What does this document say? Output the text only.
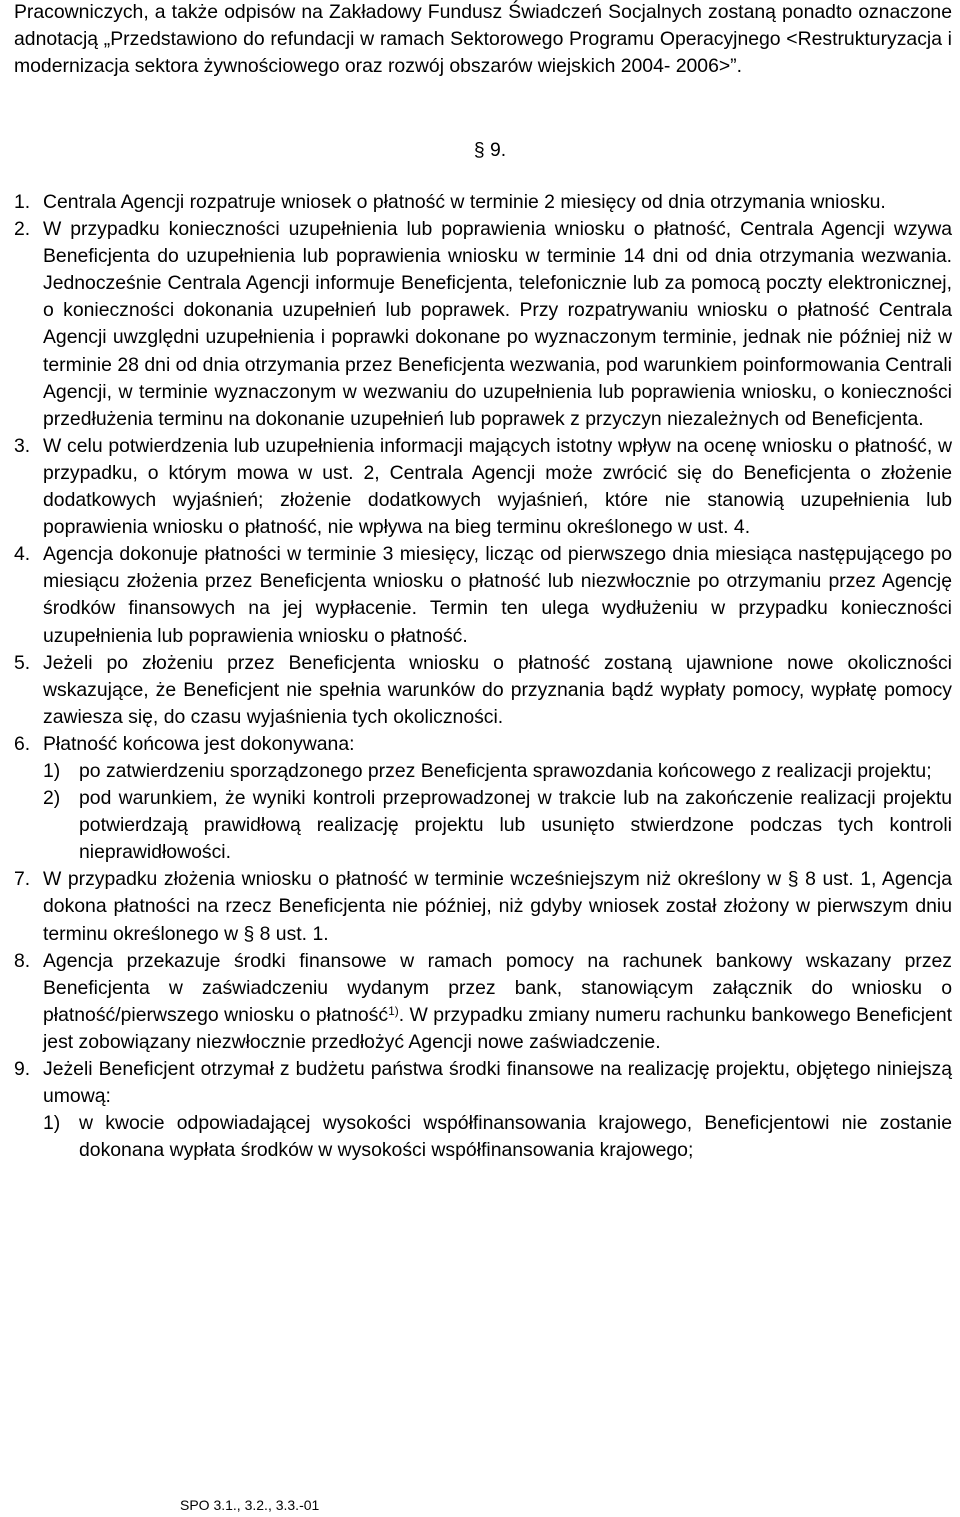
Pracowniczych, a także odpisów na Zakładowy Fundusz Świadczeń Socjalnych zostaną ponadto oznaczone adnotacją „Przedstawiono do refundacji w ramach Sektorowego Programu Operacyjnego <Restrukturyzacja i modernizacja sektora żywnościowego oraz rozwój obszarów wiejskich 2004- 2006>”.
§ 9.
1. Centrala Agencji rozpatruje wniosek o płatność w terminie 2 miesięcy od dnia otrzymania wniosku.
2. W przypadku konieczności uzupełnienia lub poprawienia wniosku o płatność, Centrala Agencji wzywa Beneficjenta do uzupełnienia lub poprawienia wniosku w terminie 14 dni od dnia otrzymania wezwania. Jednocześnie Centrala Agencji informuje Beneficjenta, telefonicznie lub za pomocą poczty elektronicznej, o konieczności dokonania uzupełnień lub poprawek. Przy rozpatrywaniu wniosku o płatność Centrala Agencji uwzględni uzupełnienia i poprawki dokonane po wyznaczonym terminie, jednak nie później niż w terminie 28 dni od dnia otrzymania przez Beneficjenta wezwania, pod warunkiem poinformowania Centrali Agencji, w terminie wyznaczonym w wezwaniu do uzupełnienia lub poprawienia wniosku, o konieczności przedłużenia terminu na dokonanie uzupełnień lub poprawek z przyczyn niezależnych od Beneficjenta.
3. W celu potwierdzenia lub uzupełnienia informacji mających istotny wpływ na ocenę wniosku o płatność, w przypadku, o którym mowa w ust. 2, Centrala Agencji może zwrócić się do Beneficjenta o złożenie dodatkowych wyjaśnień; złożenie dodatkowych wyjaśnień, które nie stanowią uzupełnienia lub poprawienia wniosku o płatność, nie wpływa na bieg terminu określonego w ust. 4.
4. Agencja dokonuje płatności w terminie 3 miesięcy, licząc od pierwszego dnia miesiąca następującego po miesiącu złożenia przez Beneficjenta wniosku o płatność lub niezwłocznie po otrzymaniu przez Agencję środków finansowych na jej wypłacenie. Termin ten ulega wydłużeniu w przypadku konieczności uzupełnienia lub poprawienia wniosku o płatność.
5. Jeżeli po złożeniu przez Beneficjenta wniosku o płatność zostaną ujawnione nowe okoliczności wskazujące, że Beneficjent nie spełnia warunków do przyznania bądź wypłaty pomocy, wypłatę pomocy zawiesza się, do czasu wyjaśnienia tych okoliczności.
6. Płatność końcowa jest dokonywana:
1) po zatwierdzeniu sporządzonego przez Beneficjenta sprawozdania końcowego z realizacji projektu;
2) pod warunkiem, że wyniki kontroli przeprowadzonej w trakcie lub na zakończenie realizacji projektu potwierdzają prawidłową realizację projektu lub usunięto stwierdzone podczas tych kontroli nieprawidłowości.
7. W przypadku złożenia wniosku o płatność w terminie wcześniejszym niż określony w § 8 ust. 1, Agencja dokona płatności na rzecz Beneficjenta nie później, niż gdyby wniosek został złożony w pierwszym dniu terminu określonego w § 8 ust. 1.
8. Agencja przekazuje środki finansowe w ramach pomocy na rachunek bankowy wskazany przez Beneficjenta w zaświadczeniu wydanym przez bank, stanowiącym załącznik do wniosku o płatność/pierwszego wniosku o płatność$^{1)}$. W przypadku zmiany numeru rachunku bankowego Beneficjent jest zobowiązany niezwłocznie przedłożyć Agencji nowe zaświadczenie.
9. Jeżeli Beneficjent otrzymał z budżetu państwa środki finansowe na realizację projektu, objętego niniejszą umową:
1) w kwocie odpowiadającej wysokości współfinansowania krajowego, Beneficjentowi nie zostanie dokonana wypłata środków w wysokości współfinansowania krajowego;
SPO 3.1., 3.2., 3.3.-01
